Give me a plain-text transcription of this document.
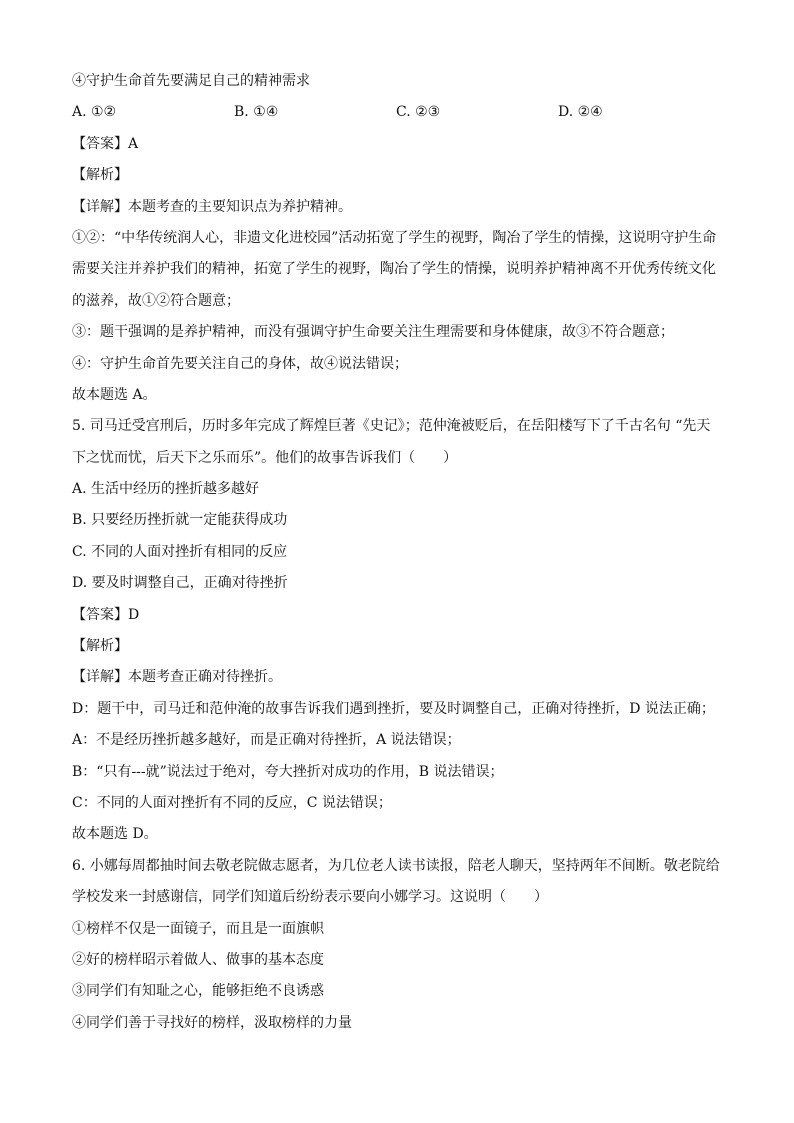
④守护生命首先要满足自己的精神需求
A. ①②	B. ①④	C. ②③	D. ②④
【答案】A
【解析】
【详解】本题考查的主要知识点为养护精神。
①②：“中华传统润人心，非遗文化进校园”活动拓宽了学生的视野，陶冶了学生的情操，这说明守护生命
需要关注并养护我们的精神，拓宽了学生的视野，陶冶了学生的情操，说明养护精神离不开优秀传统文化
的滋养，故①②符合题意；
③：题干强调的是养护精神，而没有强调守护生命要关注生理需要和身体健康，故③不符合题意；
④：守护生命首先要关注自己的身体，故④说法错误；
故本题选 A。
5. 司马迁受宫刑后，历时多年完成了辉煌巨著《史记》；范仲淹被贬后，在岳阳楼写下了千古名句 “先天
下之忧而忧，后天下之乐而乐”。他们的故事告诉我们（　　）
A. 生活中经历的挫折越多越好
B. 只要经历挫折就一定能获得成功
C. 不同的人面对挫折有相同的反应
D. 要及时调整自己，正确对待挫折
【答案】D
【解析】
【详解】本题考查正确对待挫折。
D：题干中，司马迁和范仲淹的故事告诉我们遇到挫折，要及时调整自己，正确对待挫折，D 说法正确；
A：不是经历挫折越多越好，而是正确对待挫折，A 说法错误；
B：“只有---就”说法过于绝对，夸大挫折对成功的作用，B 说法错误；
C：不同的人面对挫折有不同的反应，C 说法错误；
故本题选 D。
6. 小娜每周都抽时间去敬老院做志愿者，为几位老人读书读报，陪老人聊天，坚持两年不间断。敬老院给
学校发来一封感谢信，同学们知道后纷纷表示要向小娜学习。这说明（　　）
①榜样不仅是一面镜子，而且是一面旗帜
②好的榜样昭示着做人、做事的基本态度
③同学们有知耻之心，能够拒绝不良诱惑
④同学们善于寻找好的榜样，汲取榜样的力量
